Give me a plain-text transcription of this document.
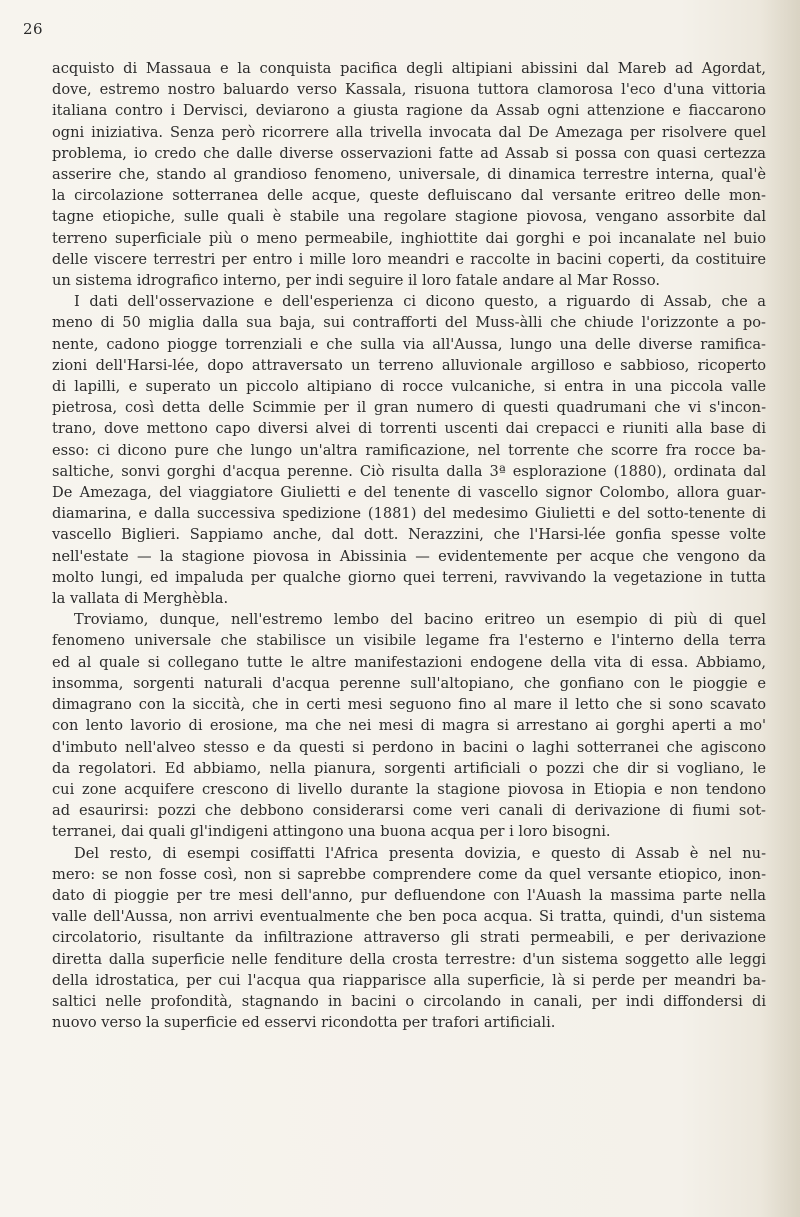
26
acquisto di Massaua e la conquista pacifica degli altipiani abissini dal Mareb ad Agordat,
dove, estremo nostro baluardo verso Kassala, risuona tuttora clamorosa l'eco d'una vittoria
italiana contro i Dervisci, deviarono a giusta ragione da Assab ogni attenzione e fiaccarono
ogni iniziativa. Senza però ricorrere alla trivella invocata dal De Amezaga per risolvere quel
problema, io credo che dalle diverse osservazioni fatte ad Assab si possa con quasi certezza
asserire che, stando al grandioso fenomeno, universale, di dinamica terrestre interna, qual'è
la circolazione sotterranea delle acque, queste defluiscano dal versante eritreo delle mon-
tagne etiopiche, sulle quali è stabile una regolare stagione piovosa, vengano assorbite dal
terreno superficiale più o meno permeabile, inghiottite dai gorghi e poi incanalate nel buio
delle viscere terrestri per entro i mille loro meandri e raccolte in bacini coperti, da costituire
un sistema idrografico interno, per indi seguire il loro fatale andare al Mar Rosso.
I dati dell'osservazione e dell'esperienza ci dicono questo, a riguardo di Assab, che a
meno di 50 miglia dalla sua baja, sui contrafforti del Muss-àlli che chiude l'orizzonte a po-
nente, cadono piogge torrenziali e che sulla via all'Aussa, lungo una delle diverse ramifica-
zioni dell'Harsi-lée, dopo attraversato un terreno alluvionale argilloso e sabbioso, ricoperto
di lapilli, e superato un piccolo altipiano di rocce vulcaniche, si entra in una piccola valle
pietrosa, così detta delle Scimmie per il gran numero di questi quadrumani che vi s'incon-
trano, dove mettono capo diversi alvei di torrenti uscenti dai crepacci e riuniti alla base di
esso: ci dicono pure che lungo un'altra ramificazione, nel torrente che scorre fra rocce ba-
saltiche, sonvi gorghi d'acqua perenne. Ciò risulta dalla 3ª esplorazione (1880), ordinata dal
De Amezaga, del viaggiatore Giulietti e del tenente di vascello signor Colombo, allora guar-
diamarina, e dalla successiva spedizione (1881) del medesimo Giulietti e del sotto-tenente di
vascello Biglieri. Sappiamo anche, dal dott. Nerazzini, che l'Harsi-lée gonfia spesse volte
nell'estate — la stagione piovosa in Abissinia — evidentemente per acque che vengono da
molto lungi, ed impaluda per qualche giorno quei terreni, ravvivando la vegetazione in tutta
la vallata di Merghèbla.
Troviamo, dunque, nell'estremo lembo del bacino eritreo un esempio di più di quel
fenomeno universale che stabilisce un visibile legame fra l'esterno e l'interno della terra
ed al quale si collegano tutte le altre manifestazioni endogene della vita di essa. Abbiamo,
insomma, sorgenti naturali d'acqua perenne sull'altopiano, che gonfiano con le pioggie e
dimagrano con la siccità, che in certi mesi seguono fino al mare il letto che si sono scavato
con lento lavorio di erosione, ma che nei mesi di magra si arrestano ai gorghi aperti a mo'
d'imbuto nell'alveo stesso e da questi si perdono in bacini o laghi sotterranei che agiscono
da regolatori. Ed abbiamo, nella pianura, sorgenti artificiali o pozzi che dir si vogliano, le
cui zone acquifere crescono di livello durante la stagione piovosa in Etiopia e non tendono
ad esaurirsi: pozzi che debbono considerarsi come veri canali di derivazione di fiumi sot-
terranei, dai quali gl'indigeni attingono una buona acqua per i loro bisogni.
Del resto, di esempi cosiffatti l'Africa presenta dovizia, e questo di Assab è nel nu-
mero: se non fosse così, non si saprebbe comprendere come da quel versante etiopico, inon-
dato di pioggie per tre mesi dell'anno, pur defluendone con l'Auash la massima parte nella
valle dell'Aussa, non arrivi eventualmente che ben poca acqua. Si tratta, quindi, d'un sistema
circolatorio, risultante da infiltrazione attraverso gli strati permeabili, e per derivazione
diretta dalla superficie nelle fenditure della crosta terrestre: d'un sistema soggetto alle leggi
della idrostatica, per cui l'acqua qua riapparisce alla superficie, là si perde per meandri ba-
saltici nelle profondità, stagnando in bacini o circolando in canali, per indi diffondersi di
nuovo verso la superficie ed esservi ricondotta per trafori artificiali.
